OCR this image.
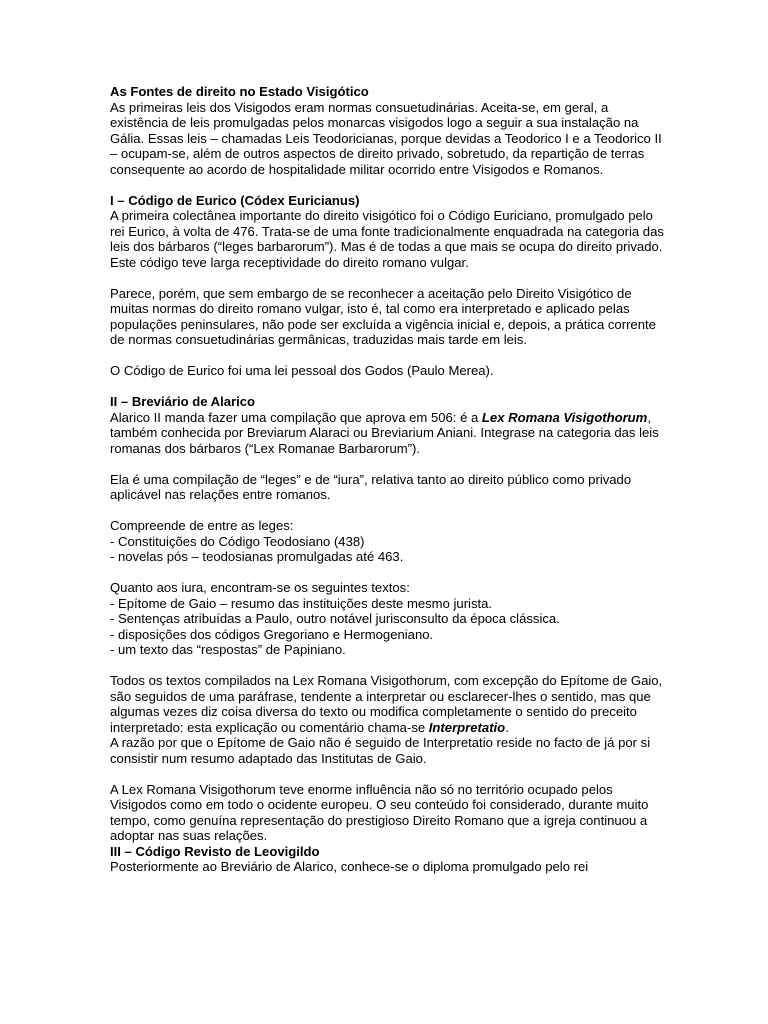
As Fontes de direito no Estado Visigótico
As primeiras leis dos Visigodos eram normas consuetudinárias. Aceita-se, em geral, a existência de leis promulgadas pelos monarcas visigodos logo a seguir a sua instalação na Gália. Essas leis – chamadas Leis Teodoricianas, porque devidas a Teodorico I e a Teodorico II – ocupam-se, além de outros aspectos de direito privado, sobretudo, da repartição de terras consequente ao acordo de hospitalidade militar ocorrido entre Visigodos e Romanos.
I – Código de Eurico (Códex Euricianus)
A primeira colectânea importante do direito visigótico foi o Código Euriciano, promulgado pelo rei Eurico, à volta de 476. Trata-se de uma fonte tradicionalmente enquadrada na categoria das leis dos bárbaros (“leges barbarorum”). Mas é de todas a que mais se ocupa do direito privado. Este código teve larga receptividade do direito romano vulgar.
Parece, porém, que sem embargo de se reconhecer a aceitação pelo Direito Visigótico de muitas normas do direito romano vulgar, isto é, tal como era interpretado e aplicado pelas populações peninsulares, não pode ser excluída a vigência inicial e, depois, a prática corrente de normas consuetudinárias germânicas, traduzidas mais tarde em leis.
O Código de Eurico foi uma lei pessoal dos Godos (Paulo Merea).
II – Breviário de Alarico
Alarico II manda fazer uma compilação que aprova em 506: é a Lex Romana Visigothorum, também conhecida por Breviarum Alaraci ou Breviarium Aniani. Integrase na categoria das leis romanas dos bárbaros (“Lex Romanae Barbarorum”).
Ela é uma compilação de “leges” e de “iura”, relativa tanto ao direito público como privado aplicável nas relações entre romanos.
Compreende de entre as leges:
- Constituições do Código Teodosiano (438)
- novelas pós – teodosianas promulgadas até 463.
Quanto aos iura, encontram-se os seguintes textos:
- Epítome de Gaio – resumo das instituições deste mesmo jurista.
- Sentenças atribuídas a Paulo, outro notável jurisconsulto da época clássica.
- disposições dos códigos Gregoriano e Hermogeniano.
- um texto das “respostas” de Papiniano.
Todos os textos compilados na Lex Romana Visigothorum, com excepção do Epítome de Gaio, são seguidos de uma paráfrase, tendente a interpretar ou esclarecer-lhes o sentido, mas que algumas vezes diz coisa diversa do texto ou modifica completamente o sentido do preceito interpretado: esta explicação ou comentário chama-se Interpretatio.
A razão por que o Epítome de Gaio não é seguido de Interpretatio reside no facto de já por si consistir num resumo adaptado das Institutas de Gaio.
A Lex Romana Visigothorum teve enorme influência não só no território ocupado pelos Visigodos como em todo o ocidente europeu. O seu conteúdo foi considerado, durante muito tempo, como genuína representação do prestigioso Direito Romano que a igreja continuou a adoptar nas suas relações.
III – Código Revisto de Leovigildo
Posteriormente ao Breviário de Alarico, conhece-se o diploma promulgado pelo rei
